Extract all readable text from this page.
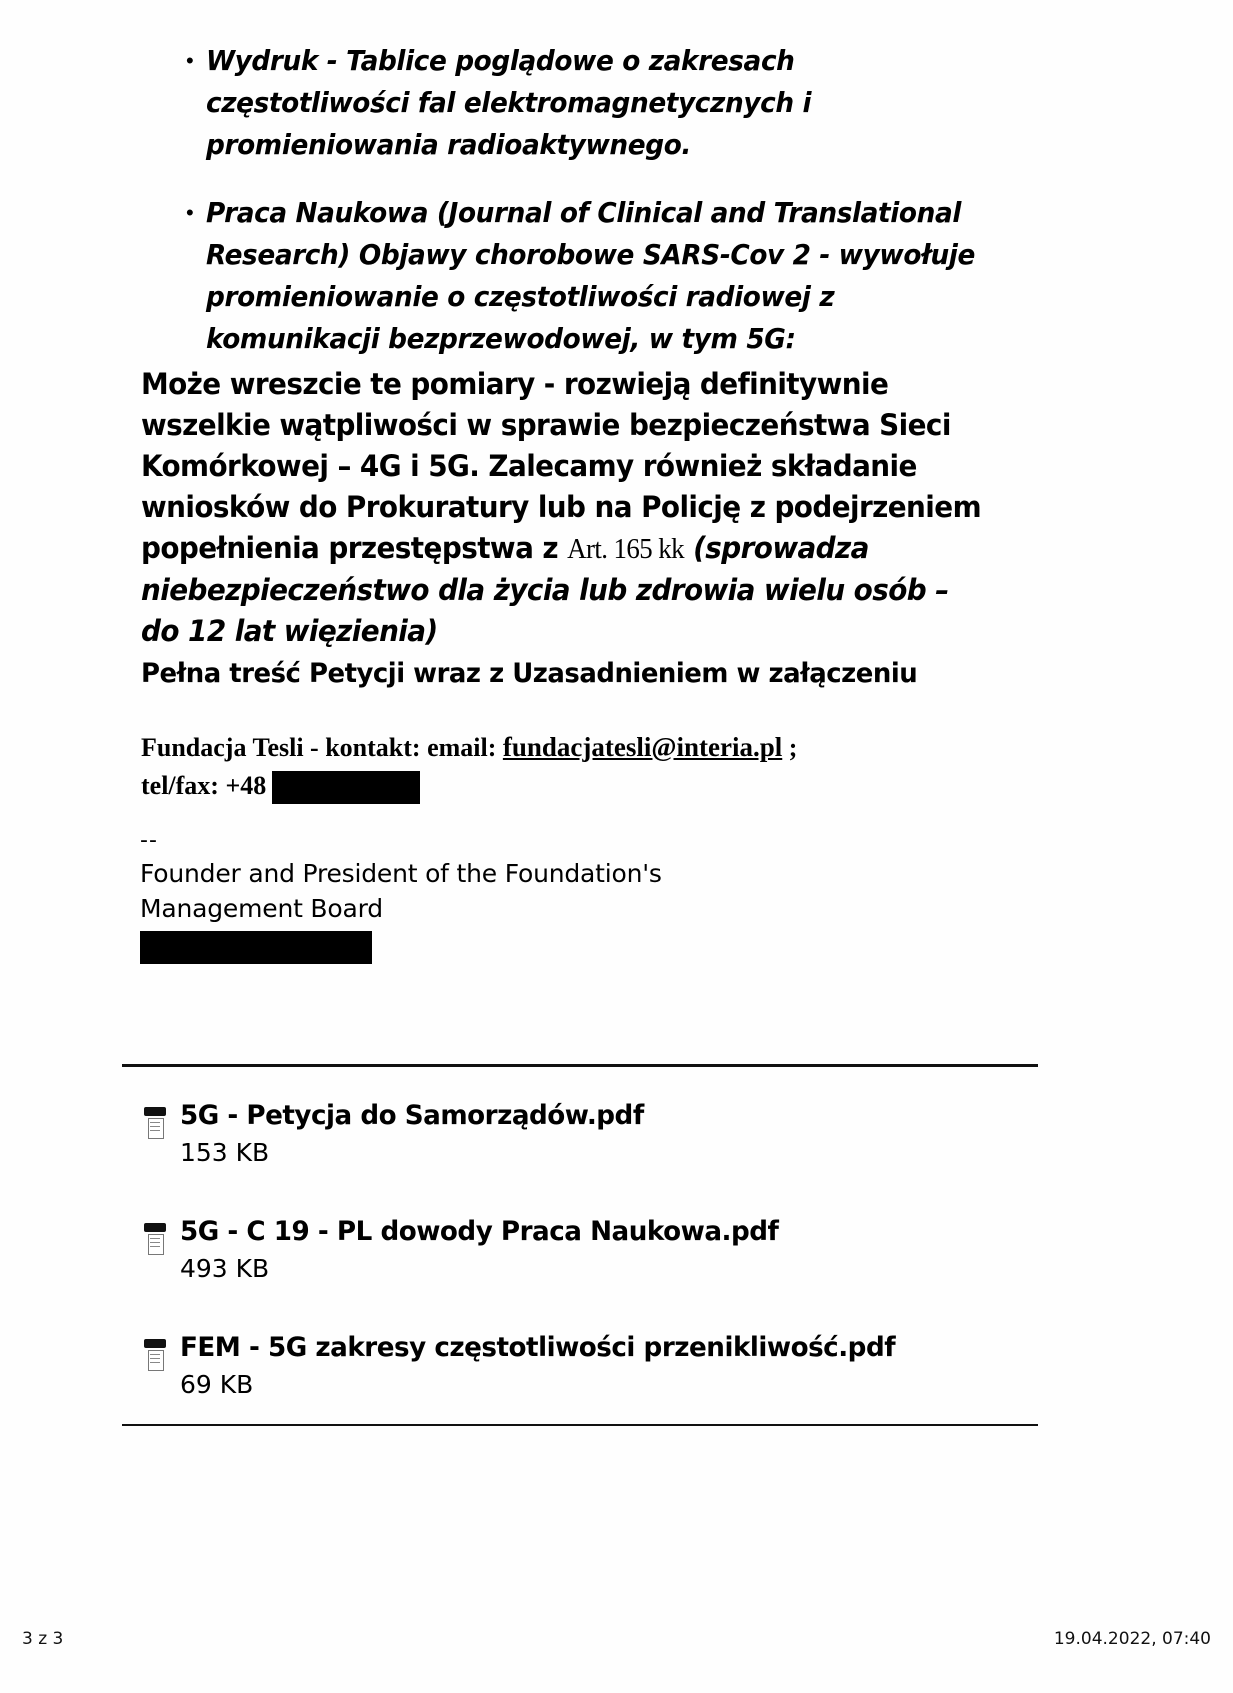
• Wydruk - Tablice poglądowe o zakresach częstotliwości fal elektromagnetycznych i promieniowania radioaktywnego.
• Praca Naukowa (Journal of Clinical and Translational Research) Objawy chorobowe SARS-Cov 2 - wywołuje promieniowanie o częstotliwości radiowej z komunikacji bezprzewodowej, w tym 5G:
Może wreszcie te pomiary - rozwieją definitywnie wszelkie wątpliwości w sprawie bezpieczeństwa Sieci Komórkowej – 4G i 5G. Zalecamy również składanie wniosków do Prokuratury lub na Policję z podejrzeniem popełnienia przestępstwa z Art. 165 kk (sprowadza niebezpieczeństwo dla życia lub zdrowia wielu osób – do 12 lat więzienia)
Pełna treść Petycji wraz z Uzasadnieniem w załączeniu
Fundacja Tesli - kontakt: email: fundacjatesli@interia.pl ;
tel/fax: +48
--
Founder and President of the Foundation's
Management Board
5G - Petycja do Samorządów.pdf
153 KB
5G - C 19 - PL dowody Praca Naukowa.pdf
493 KB
FEM - 5G zakresy częstotliwości przenikliwość.pdf
69 KB
3 z 3	19.04.2022, 07:40
